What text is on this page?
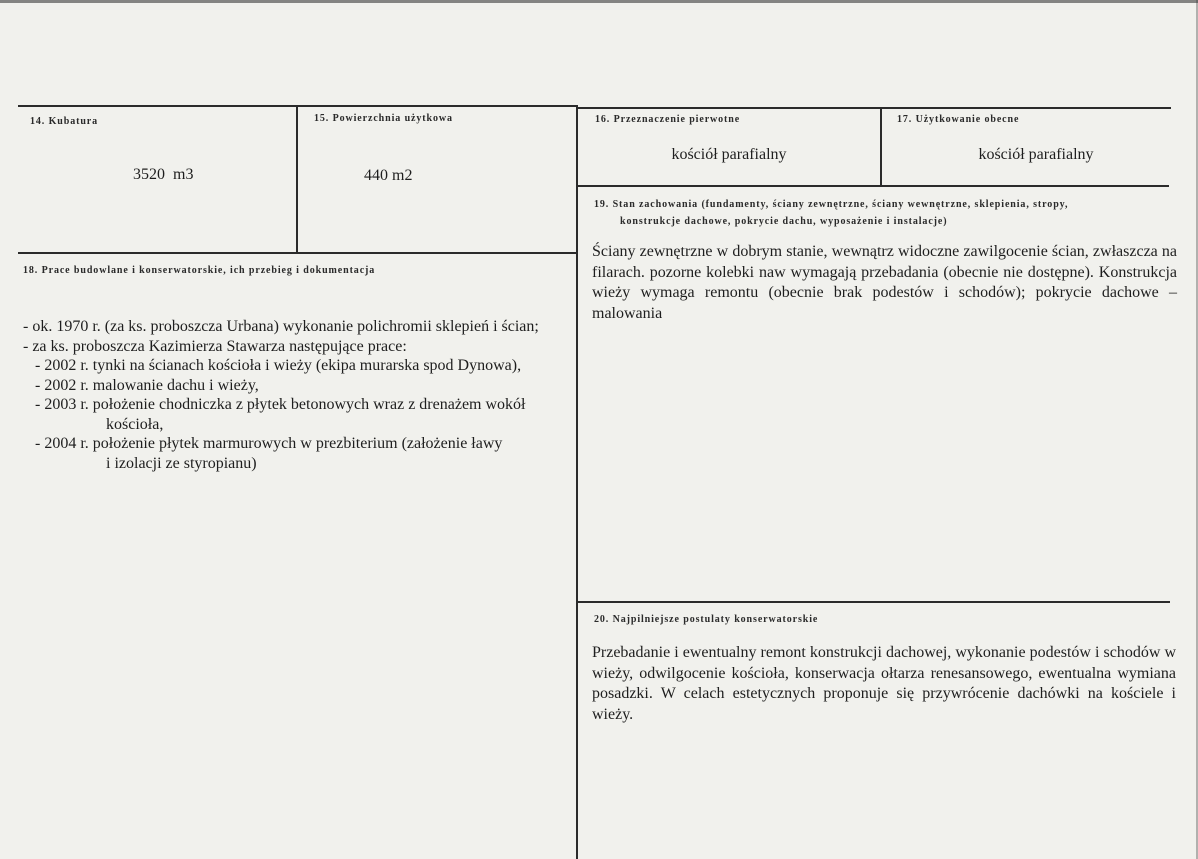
14. Kubatura
3520  m3
15. Powierzchnia użytkowa
440 m2
16. Przeznaczenie pierwotne
kościół parafialny
17. Użytkowanie obecne
kościół parafialny
18. Prace budowlane i konserwatorskie, ich przebieg i dokumentacja
- ok. 1970 r. (za ks. proboszcza Urbana) wykonanie polichromii sklepień i ścian;
- za ks. proboszcza Kazimierza Stawarza następujące prace:
- 2002 r. tynki na ścianach kościoła i wieży (ekipa murarska spod Dynowa),
- 2002 r. malowanie dachu i wieży,
- 2003 r. położenie chodniczka z płytek betonowych wraz z drenażem wokół
kościoła,
- 2004 r. położenie płytek marmurowych w prezbiterium (założenie ławy
i izolacji ze styropianu)
19. Stan zachowania (fundamenty, ściany zewnętrzne, ściany wewnętrzne, sklepienia, stropy,
konstrukcje dachowe, pokrycie dachu, wyposażenie i instalacje)
Ściany zewnętrzne w dobrym stanie, wewnątrz widoczne zawilgocenie ścian, zwłaszcza na filarach. pozorne kolebki naw wymagają przebadania (obecnie nie dostępne). Konstrukcja wieży wymaga remontu (obecnie brak podestów i schodów); pokrycie dachowe – malowania
20. Najpilniejsze postulaty konserwatorskie
Przebadanie i ewentualny remont konstrukcji dachowej, wykonanie podestów i schodów w wieży, odwilgocenie kościoła, konserwacja ołtarza renesansowego, ewentualna wymiana posadzki. W celach estetycznych proponuje się przywrócenie dachówki na kościele i wieży.
